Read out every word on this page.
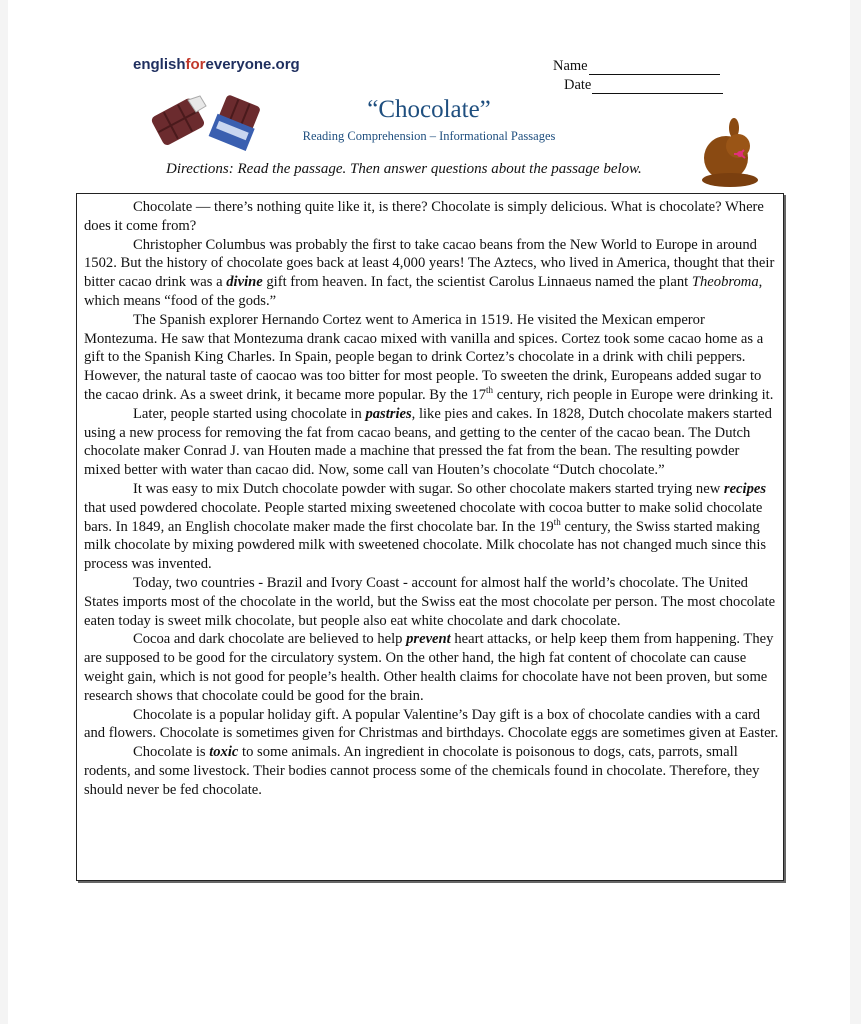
englishforeveryone.org	Name
Date
“Chocolate”
Reading Comprehension – Informational Passages
Directions: Read the passage. Then answer questions about the passage below.

Chocolate — there’s nothing quite like it, is there? Chocolate is simply delicious. What is chocolate? Where does it come from?

Christopher Columbus was probably the first to take cacao beans from the New World to Europe in around 1502. But the history of chocolate goes back at least 4,000 years! The Aztecs, who lived in America, thought that their bitter cacao drink was a divine gift from heaven. In fact, the scientist Carolus Linnaeus named the plant Theobroma, which means “food of the gods.”

The Spanish explorer Hernando Cortez went to America in 1519. He visited the Mexican emperor Montezuma. He saw that Montezuma drank cacao mixed with vanilla and spices. Cortez took some cacao home as a gift to the Spanish King Charles. In Spain, people began to drink Cortez’s chocolate in a drink with chili peppers. However, the natural taste of caocao was too bitter for most people. To sweeten the drink, Europeans added sugar to the cacao drink. As a sweet drink, it became more popular. By the 17th century, rich people in Europe were drinking it.

Later, people started using chocolate in pastries, like pies and cakes. In 1828, Dutch chocolate makers started using a new process for removing the fat from cacao beans, and getting to the center of the cacao bean. The Dutch chocolate maker Conrad J. van Houten made a machine that pressed the fat from the bean. The resulting powder mixed better with water than cacao did. Now, some call van Houten’s chocolate “Dutch chocolate.”

It was easy to mix Dutch chocolate powder with sugar. So other chocolate makers started trying new recipes that used powdered chocolate. People started mixing sweetened chocolate with cocoa butter to make solid chocolate bars. In 1849, an English chocolate maker made the first chocolate bar. In the 19th century, the Swiss started making milk chocolate by mixing powdered milk with sweetened chocolate. Milk chocolate has not changed much since this process was invented.

Today, two countries - Brazil and Ivory Coast - account for almost half the world’s chocolate. The United States imports most of the chocolate in the world, but the Swiss eat the most chocolate per person. The most chocolate eaten today is sweet milk chocolate, but people also eat white chocolate and dark chocolate.

Cocoa and dark chocolate are believed to help prevent heart attacks, or help keep them from happening. They are supposed to be good for the circulatory system. On the other hand, the high fat content of chocolate can cause weight gain, which is not good for people’s health. Other health claims for chocolate have not been proven, but some research shows that chocolate could be good for the brain.

Chocolate is a popular holiday gift. A popular Valentine’s Day gift is a box of chocolate candies with a card and flowers. Chocolate is sometimes given for Christmas and birthdays. Chocolate eggs are sometimes given at Easter.

Chocolate is toxic to some animals. An ingredient in chocolate is poisonous to dogs, cats, parrots, small rodents, and some livestock. Their bodies cannot process some of the chemicals found in chocolate. Therefore, they should never be fed chocolate.
